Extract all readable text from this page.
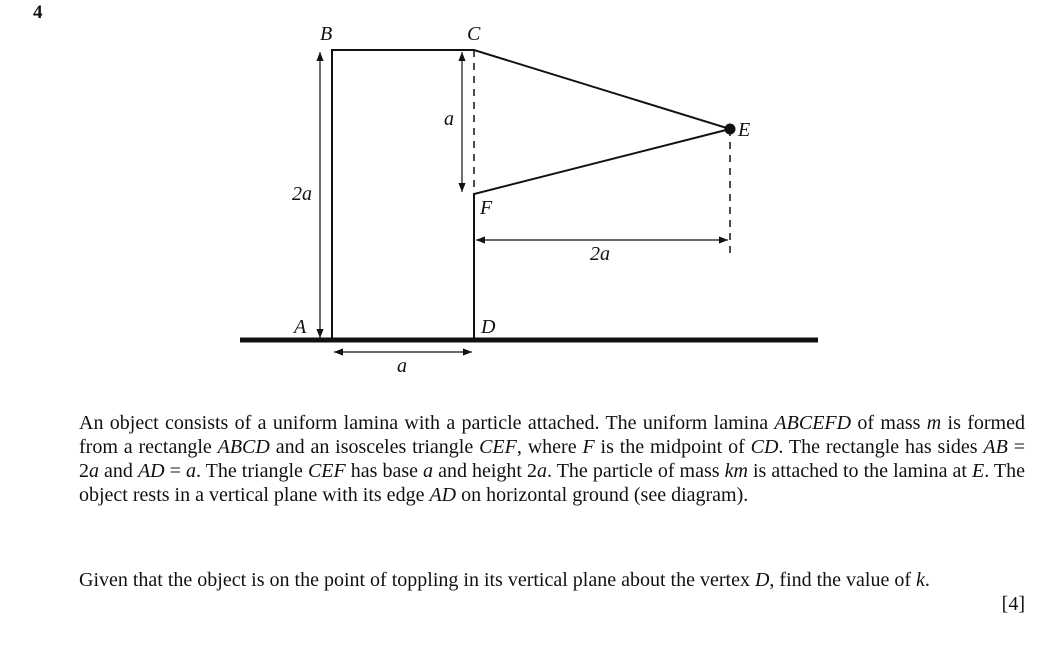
4
B	C
E
F
A	D
2a
a
2a
a

An object consists of a uniform lamina with a particle attached. The uniform lamina ABCEFD of mass m is formed from a rectangle ABCD and an isosceles triangle CEF, where F is the midpoint of CD. The rectangle has sides AB = 2a and AD = a. The triangle CEF has base a and height 2a. The particle of mass km is attached to the lamina at E. The object rests in a vertical plane with its edge AD on horizontal ground (see diagram).

Given that the object is on the point of toppling in its vertical plane about the vertex D, find the value of k.

[4]
